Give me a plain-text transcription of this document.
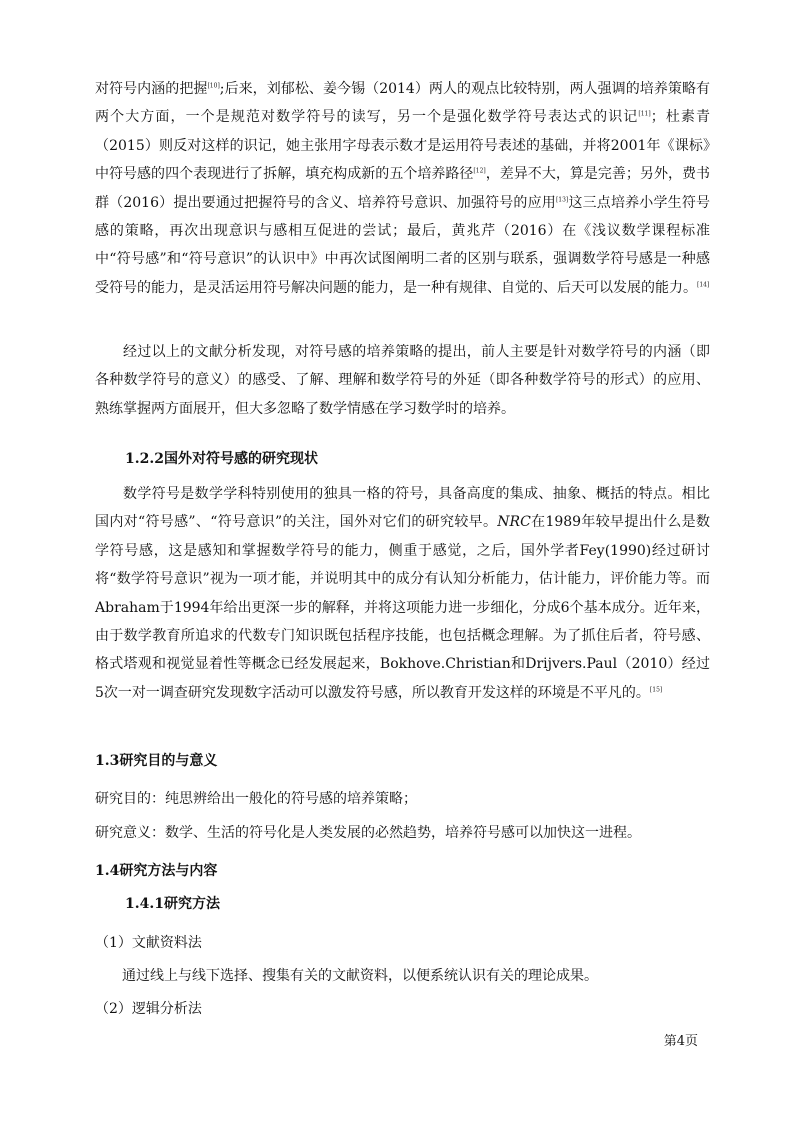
对符号内涵的把握[10];后来，刘郁松、姜今锡（2014）两人的观点比较特别，两人强调的培养策略有两个大方面，一个是规范对数学符号的读写，另一个是强化数学符号表达式的识记[11]；杜素青（2015）则反对这样的识记，她主张用字母表示数才是运用符号表述的基础，并将2001年《课标》中符号感的四个表现进行了拆解，填充构成新的五个培养路径[12]，差异不大，算是完善；另外，费书群（2016）提出要通过把握符号的含义、培养符号意识、加强符号的应用[13]这三点培养小学生符号感的策略，再次出现意识与感相互促进的尝试；最后，黄兆芹（2016）在《浅议数学课程标准中“符号感”和“符号意识”的认识中》中再次试图阐明二者的区别与联系，强调数学符号感是一种感受符号的能力，是灵活运用符号解决问题的能力，是一种有规律、自觉的、后天可以发展的能力。[14]

经过以上的文献分析发现，对符号感的培养策略的提出，前人主要是针对数学符号的内涵（即各种数学符号的意义）的感受、了解、理解和数学符号的外延（即各种数学符号的形式）的应用、熟练掌握两方面展开，但大多忽略了数学情感在学习数学时的培养。

1.2.2国外对符号感的研究现状

数学符号是数学学科特别使用的独具一格的符号，具备高度的集成、抽象、概括的特点。相比国内对“符号感”、“符号意识”的关注，国外对它们的研究较早。NRC在1989年较早提出什么是数学符号感，这是感知和掌握数学符号的能力，侧重于感觉，之后，国外学者Fey(1990)经过研讨将“数学符号意识”视为一项才能，并说明其中的成分有认知分析能力，估计能力，评价能力等。而Abraham于1994年给出更深一步的解释，并将这项能力进一步细化，分成6个基本成分。近年来，由于数学教育所追求的代数专门知识既包括程序技能，也包括概念理解。为了抓住后者，符号感、格式塔观和视觉显着性等概念已经发展起来，Bokhove.Christian和Drijvers.Paul（2010）经过5次一对一调查研究发现数字活动可以激发符号感，所以教育开发这样的环境是不平凡的。[15]

1.3研究目的与意义
研究目的：纯思辨给出一般化的符号感的培养策略；
研究意义：数学、生活的符号化是人类发展的必然趋势，培养符号感可以加快这一进程。
1.4研究方法与内容
1.4.1研究方法
（1）文献资料法
通过线上与线下选择、搜集有关的文献资料，以便系统认识有关的理论成果。
（2）逻辑分析法
第4页
